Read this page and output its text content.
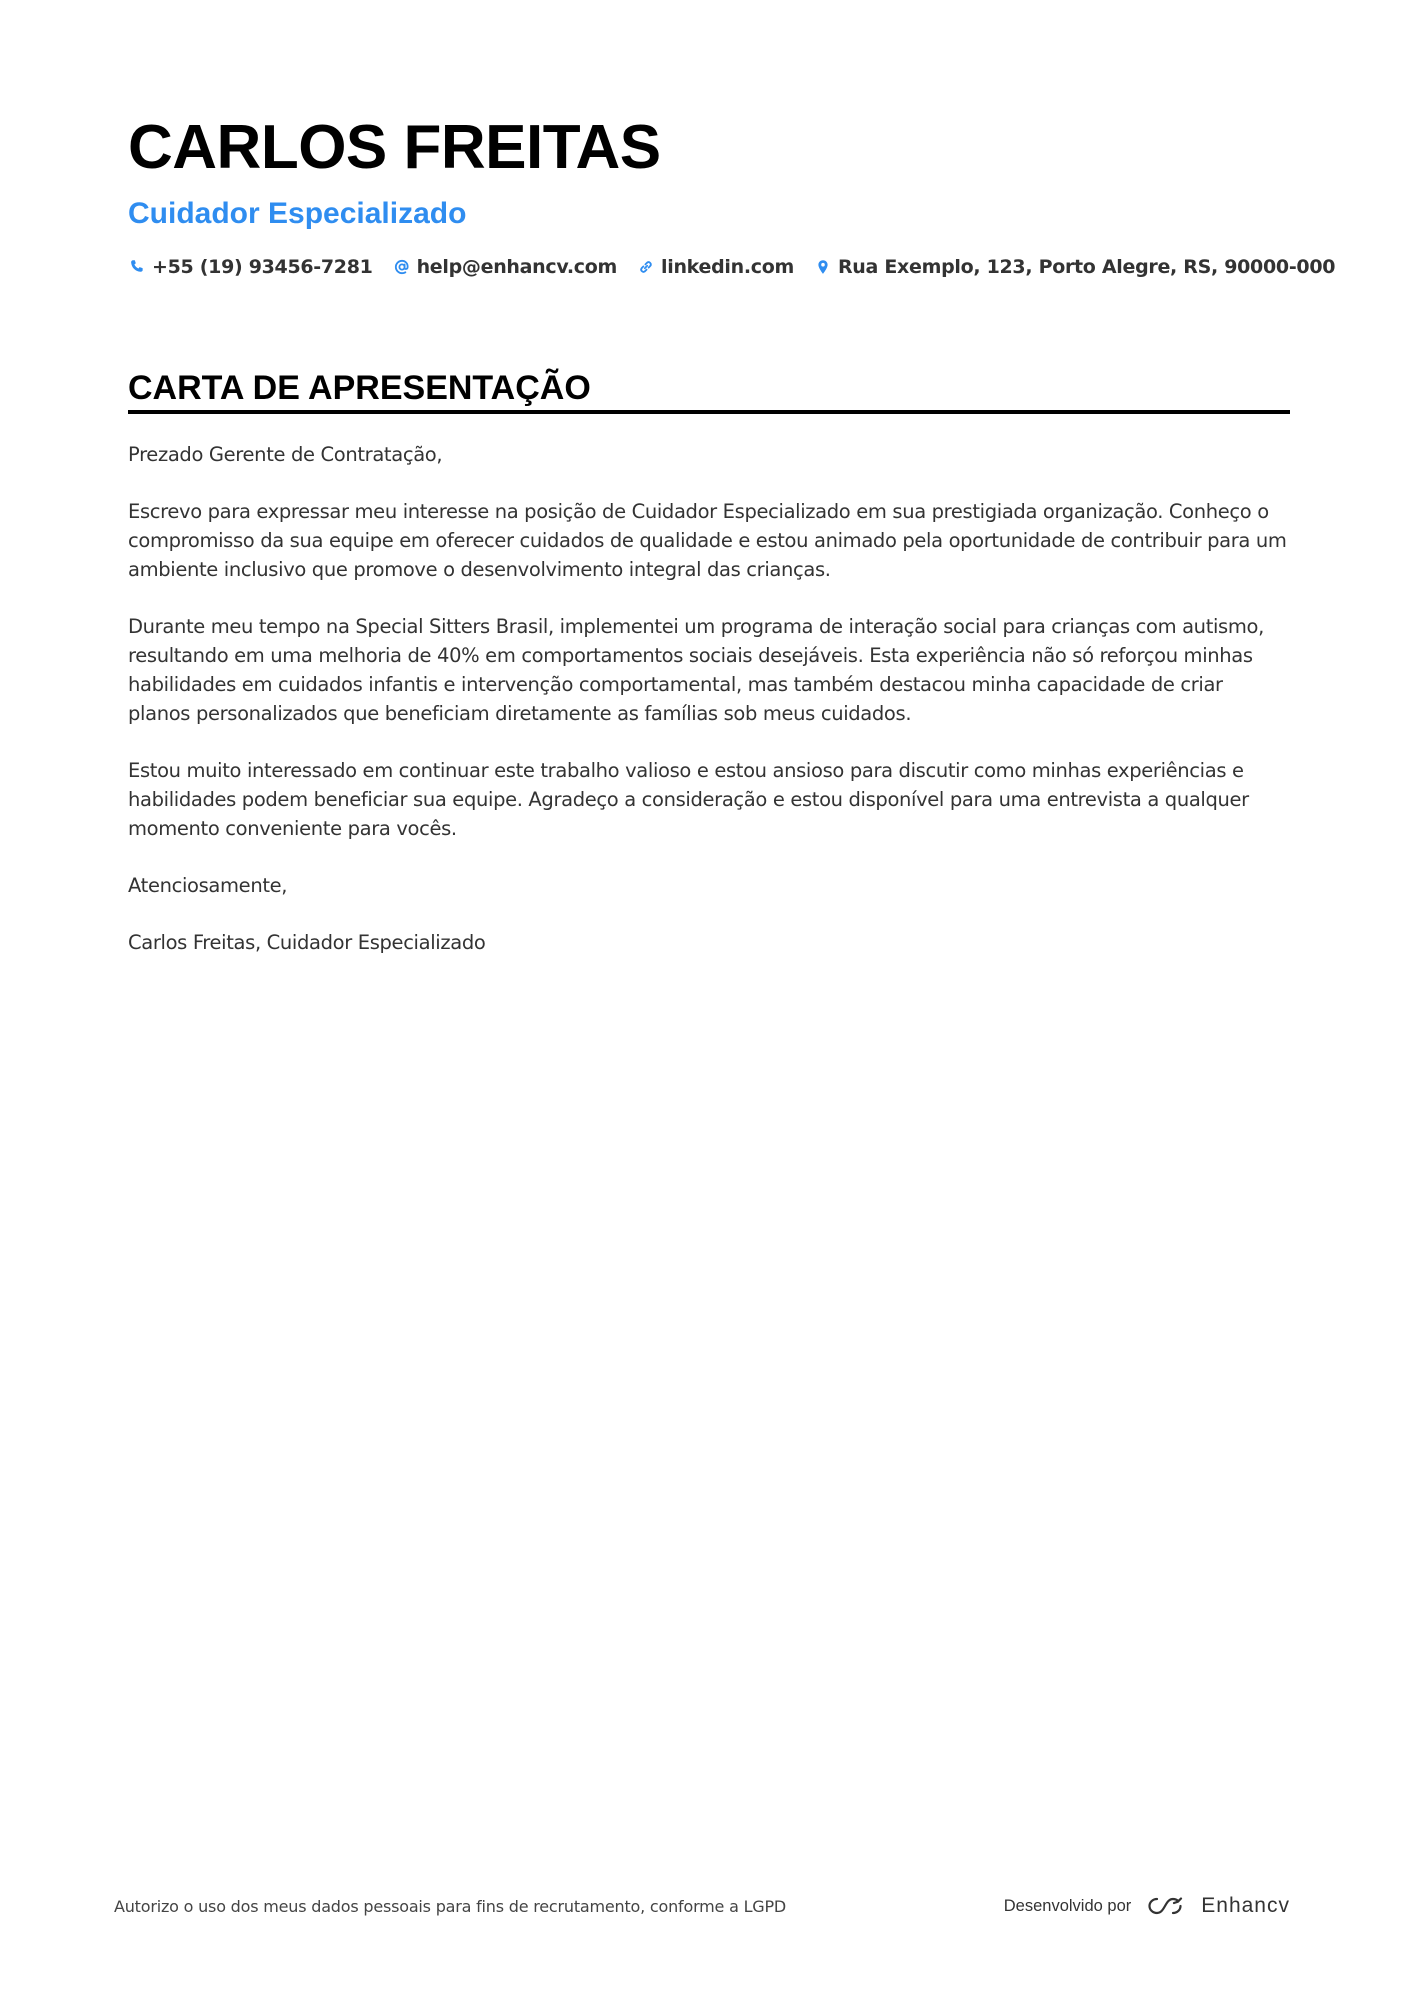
CARLOS FREITAS
Cuidador Especializado
+55 (19) 93456-7281 help@enhancv.com linkedin.com Rua Exemplo, 123, Porto Alegre, RS, 90000-000
CARTA DE APRESENTAÇÃO

Prezado Gerente de Contratação,

Escrevo para expressar meu interesse na posição de Cuidador Especializado em sua prestigiada organização. Conheço o compromisso da sua equipe em oferecer cuidados de qualidade e estou animado pela oportunidade de contribuir para um ambiente inclusivo que promove o desenvolvimento integral das crianças.

Durante meu tempo na Special Sitters Brasil, implementei um programa de interação social para crianças com autismo, resultando em uma melhoria de 40% em comportamentos sociais desejáveis. Esta experiência não só reforçou minhas habilidades em cuidados infantis e intervenção comportamental, mas também destacou minha capacidade de criar planos personalizados que beneficiam diretamente as famílias sob meus cuidados.

Estou muito interessado em continuar este trabalho valioso e estou ansioso para discutir como minhas experiências e habilidades podem beneficiar sua equipe. Agradeço a consideração e estou disponível para uma entrevista a qualquer momento conveniente para vocês.

Atenciosamente,

Carlos Freitas, Cuidador Especializado

Autorizo o uso dos meus dados pessoais para fins de recrutamento, conforme a LGPD	Desenvolvido por	Enhancv
